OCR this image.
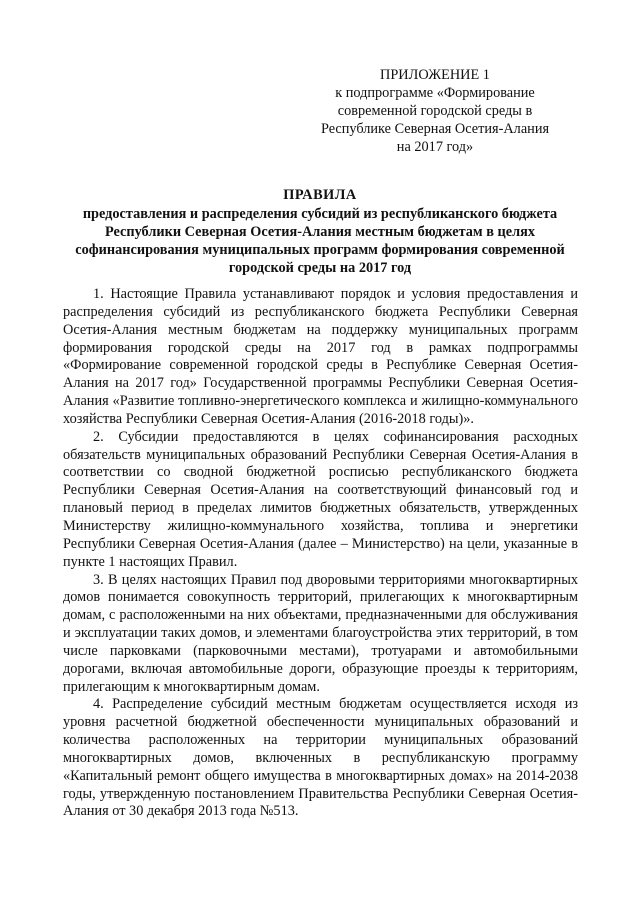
ПРИЛОЖЕНИЕ 1
к подпрограмме «Формирование
современной городской среды в
Республике Северная Осетия-Алания
на 2017 год»
ПРАВИЛА
предоставления и распределения субсидий из республиканского бюджета Республики Северная Осетия-Алания местным бюджетам в целях софинансирования муниципальных программ формирования современной городской среды на 2017 год

1. Настоящие Правила устанавливают порядок и условия предоставления и распределения субсидий из республиканского бюджета Республики Северная Осетия-Алания местным бюджетам на поддержку муниципальных программ формирования городской среды на 2017 год в рамках подпрограммы «Формирование современной городской среды в Республике Северная Осетия-Алания на 2017 год» Государственной программы Республики Северная Осетия-Алания «Развитие топливно-энергетического комплекса и жилищно-коммунального хозяйства Республики Северная Осетия-Алания (2016-2018 годы)».

2. Субсидии предоставляются в целях софинансирования расходных обязательств муниципальных образований Республики Северная Осетия-Алания в соответствии со сводной бюджетной росписью республиканского бюджета Республики Северная Осетия-Алания на соответствующий финансовый год и плановый период в пределах лимитов бюджетных обязательств, утвержденных Министерству жилищно-коммунального хозяйства, топлива и энергетики Республики Северная Осетия-Алания (далее – Министерство) на цели, указанные в пункте 1 настоящих Правил.

3. В целях настоящих Правил под дворовыми территориями многоквартирных домов понимается совокупность территорий, прилегающих к многоквартирным домам, с расположенными на них объектами, предназначенными для обслуживания и эксплуатации таких домов, и элементами благоустройства этих территорий, в том числе парковками (парковочными местами), тротуарами и автомобильными дорогами, включая автомобильные дороги, образующие проезды к территориям, прилегающим к многоквартирным домам.

4. Распределение субсидий местным бюджетам осуществляется исходя из уровня расчетной бюджетной обеспеченности муниципальных образований и количества расположенных на территории муниципальных образований многоквартирных домов, включенных в республиканскую программу «Капитальный ремонт общего имущества в многоквартирных домах» на 2014-2038 годы, утвержденную постановлением Правительства Республики Северная Осетия-Алания от 30 декабря 2013 года №513.
